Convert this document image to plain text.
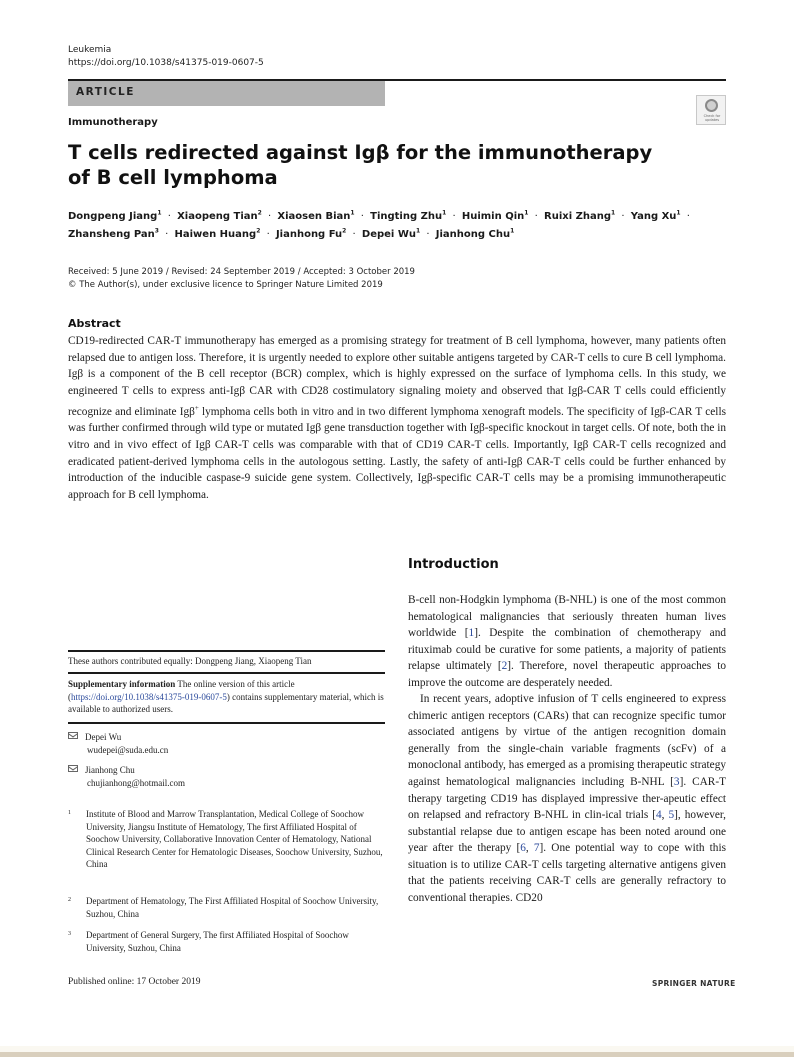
Leukemia
https://doi.org/10.1038/s41375-019-0607-5
ARTICLE
Immunotherapy
Check for updates
T cells redirected against Igβ for the immunotherapy of B cell lymphoma
Dongpeng Jiang$^1$ · Xiaopeng Tian$^2$ · Xiaosen Bian$^1$ · Tingting Zhu$^1$ · Huimin Qin$^1$ · Ruixi Zhang$^1$ · Yang $Xu^1$ ·
Zhansheng Pan$^3$ · Haiwen Huang$^2$ · Jianhong $Fu^2$ · Depei $Wu^1$ · Jianhong Chu$^1$
Received: 5 June 2019 / Revised: 24 September 2019 / Accepted: 3 October 2019
© The Author(s), under exclusive licence to Springer Nature Limited 2019
Abstract
CD19-redirected CAR-T immunotherapy has emerged as a promising strategy for treatment of B cell lymphoma, however, many patients often relapsed due to antigen loss. Therefore, it is urgently needed to explore other suitable antigens targeted by CAR-T cells to cure B cell lymphoma. Igβ is a component of the B cell receptor (BCR) complex, which is highly expressed on the surface of lymphoma cells. In this study, we engineered T cells to express anti-Igβ CAR with CD28 costimulatory signaling moiety and observed that Igβ-CAR T cells could efficiently recognize and eliminate Igβ+ lymphoma cells both in vitro and in two different lymphoma xenograft models. The specificity of Igβ-CAR T cells was further confirmed through wild type or mutated Igβ gene transduction together with Igβ-specific knockout in target cells. Of note, both the in vitro and in vivo effect of Igβ CAR-T cells was comparable with that of CD19 CAR-T cells. Importantly, Igβ CAR-T cells recognized and eradicated patient-derived lymphoma cells in the autologous setting. Lastly, the safety of anti-Igβ CAR-T cells could be further enhanced by introduction of the inducible caspase-9 suicide gene system. Collectively, Igβ-specific CAR-T cells may be a promising immunotherapeutic approach for B cell lymphoma.
Introduction

B-cell non-Hodgkin lymphoma (B-NHL) is one of the most common hematological malignancies that seriously threaten human lives worldwide [1]. Despite the combination of chemotherapy and rituximab could be curative for some patients, a majority of patients relapse ultimately [2]. Therefore, novel therapeutic approaches to improve the outcome are desperately needed.

In recent years, adoptive infusion of T cells engineered to express chimeric antigen receptors (CARs) that can recognize specific tumor associated antigens by virtue of the antigen recognition domain generally from the single-chain variable fragments (scFv) of a monoclonal antibody, has emerged as a promising therapeutic strategy against hematological malignancies including B-NHL [3]. CAR-T therapy targeting CD19 has displayed impressive ther-apeutic effect on relapsed and refractory B-NHL in clin-ical trials [4, 5], however, substantial relapse due to antigen escape has been noted around one year after the therapy [6, 7]. One potential way to cope with this situation is to utilize CAR-T cells targeting alternative antigens given that the patients receiving CAR-T cells are generally refractory to conventional therapies. CD20

These authors contributed equally: Dongpeng Jiang, Xiaopeng Tian
Supplementary information The online version of this article (https://doi.org/10.1038/s41375-019-0607-5) contains supplementary material, which is available to authorized users.
Depei Wu
wudepei@suda.edu.cn
Jianhong Chu
chujianhong@hotmail.com
1	Institute of Blood and Marrow Transplantation, Medical College of Soochow University, Jiangsu Institute of Hematology, The first Affiliated Hospital of Soochow University, Collaborative Innovation Center of Hematology, National Clinical Research Center for Hematologic Diseases, Soochow University, Suzhou, China
2	Department of Hematology, The First Affiliated Hospital of Soochow University, Suzhou, China
3	Department of General Surgery, The first Affiliated Hospital of Soochow University, Suzhou, China
Published online: 17 October 2019	SPRINGER NATURE
